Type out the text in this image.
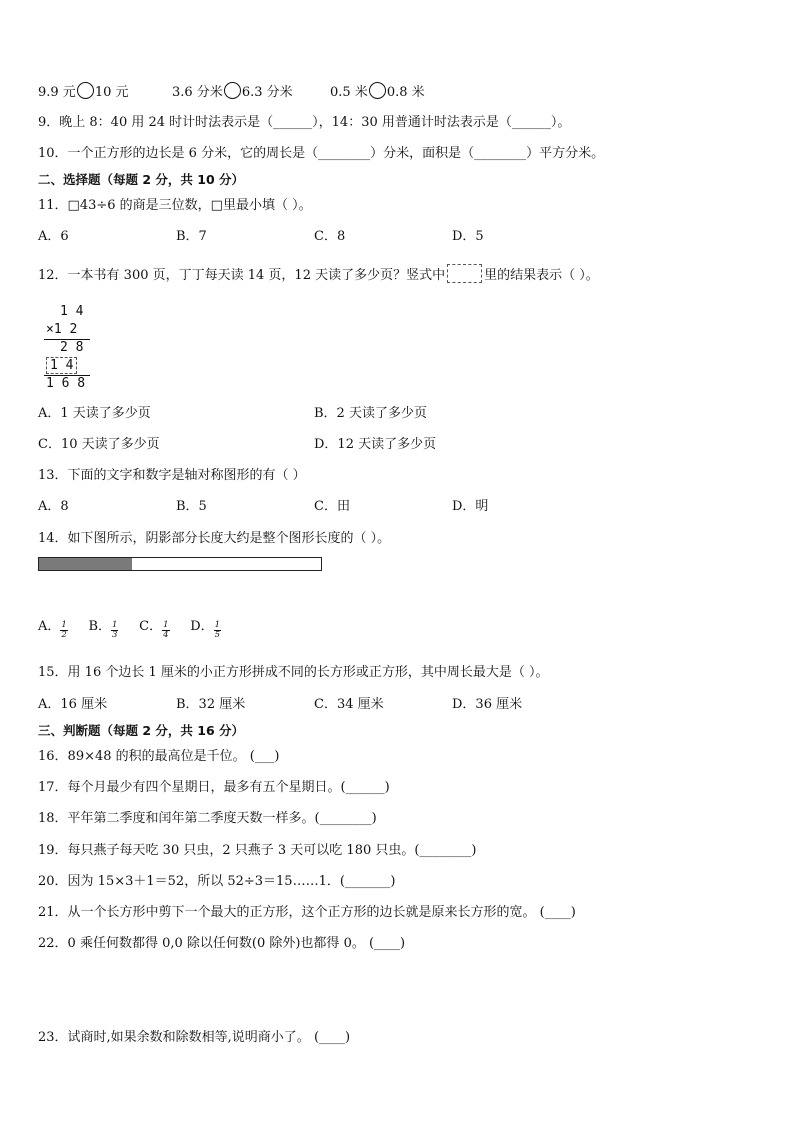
9.9 元 10 元	3.6 分米 6.3 分米	0.5 米 0.8 米
9．晚上 8：40 用 24 时计时法表示是（______），14：30 用普通计时法表示是（______）。
10．一个正方形的边长是 6 分米，它的周长是（________）分米，面积是（________）平方分米。
二、选择题（每题 2 分，共 10 分）
11．□43÷6 的商是三位数，□里最小填（ ）。
A．6	B．7	C．8	D．5
12．一本书有 300 页，丁丁每天读 14 页，12 天读了多少页？竖式中	里的结果表示（ ）。
1 4
×1 2
2 8
1 4
1 6 8
A．1 天读了多少页	B．2 天读了多少页
C．10 天读了多少页	D．12 天读了多少页
13．下面的文字和数字是轴对称图形的有（ ）
A．8	B．5	C．田	D．明
14．如下图所示，阴影部分长度大约是整个图形长度的（ ）。
A． $\frac{1}{2}$ B． $\frac{1}{3}$ C． $\frac{1}{4}$ D． $\frac{1}{5}$
15．用 16 个边长 1 厘米的小正方形拼成不同的长方形或正方形，其中周长最大是（ ）。
A．16 厘米	B．32 厘米	C．34 厘米	D．36 厘米
三、判断题（每题 2 分，共 16 分）
16．89×48 的积的最高位是千位。 (___)
17．每个月最少有四个星期日，最多有五个星期日。(______)
18．平年第二季度和闰年第二季度天数一样多。(________)
19．每只燕子每天吃 30 只虫，2 只燕子 3 天可以吃 180 只虫。(________)
20．因为 15×3＋1＝52，所以 52÷3＝15……1．(_______)
21．从一个长方形中剪下一个最大的正方形，这个正方形的边长就是原来长方形的宽。 (____)
22．0 乘任何数都得 0,0 除以任何数(0 除外)也都得 0。 (____)
23．试商时,如果余数和除数相等,说明商小了。 (____)
